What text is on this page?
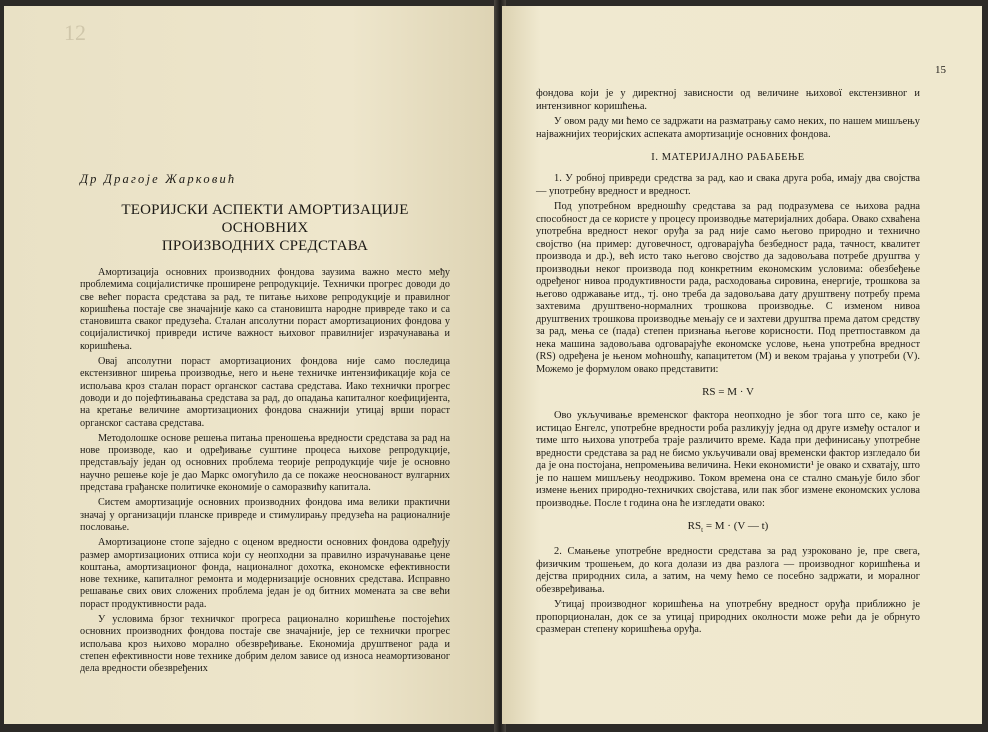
12
Др Драгоје Жарковић
ТЕОРИЈСКИ АСПЕКТИ АМОРТИЗАЦИЈЕ ОСНОВНИХ
ПРОИЗВОДНИХ СРЕДСТАВА

Амортизација основних производних фондова заузима важно место међу проблемима социјалистичке проширене репродукције. Технички прогрес доводи до све већег пораста средстава за рад, те питање њихове репродукције и правилног коришћења постаје све значајније како са становишта народне привреде тако и са становишта сваког предузећа. Сталан апсолутни пораст амортизационих фондова у социјалистичкој привреди истиче важност њиховог правилнијег израчунавања и коришћења.

Овај апсолутни пораст амортизационих фондова није само последица екстензивног ширења производње, него и њене техничке интензификације која се испољава кроз сталан пораст органског састава средстава. Иако технички прогрес доводи и до појефтињавања средстава за рад, до опадања капиталног коефицијента, на кретање величине амортизационих фондова снажнији утицај врши пораст органског састава средстава.

Методолошке основе решења питања преношења вредности средстава за рад на нове производе, као и одређивање суштине процеса њихове репродукције, представљају један од основних проблема теорије репродукције чије је основно научно решење које је дао Маркс омогућило да се покаже неоснованост вулгарних представа грађанске политичке економије о саморазвићу капитала.

Систем амортизације основних производних фондова има велики практични значај у организацији планске привреде и стимулирању предузећа на рационалније пословање.

Амортизационе стопе заједно с оценом вредности основних фондова одређују размер амортизационих отписа који су неопходни за правилно израчунавање цене коштања, амортизационог фонда, националног дохотка, економске ефективности нове технике, капиталног ремонта и модернизације основних средстава. Исправно решавање свих ових сложених проблема један је од битних момената за све већи пораст продуктивности рада.

У условима брзог техничког прогреса рационално коришћење постојећих основних производних фондова постаје све значајније, јер се технички прогрес испољава кроз њихово морално обезвређивање. Економија друштвеног рада и степен ефективности нове технике добрим делом зависе од износа неамортизованог дела вредности обезвређених

15

фондова који је у директној зависности од величине њихової екстензивног и интензивног коришћења.

У овом раду ми ћемо се задржати на разматрању само неких, по нашем мишљењу најважнијих теоријских аспеката амортизације основних фондова.

I. МАТЕРИЈАЛНО РАБАБЕЊЕ

1. У робној привреди средства за рад, као и свака друга роба, имају два својства — употребну вредност и вредност.

Под употребном вредношћу средстава за рад подразумева се њихова радна способност да се користе у процесу производње материјалних добара. Овако схваћена употребна вредност неког оруђа за рад није само његово природно и технично својство (на пример: дуговечност, одговарајућа безбедност рада, тачност, квалитет производа и др.), већ исто тако његово својство да задовољава потребе друштва у производњи неког производа под конкретним економским условима: обезбеђење одређеног нивоа продуктивности рада, расходовања сировина, енергије, трошкова за његово одржавање итд., тј. оно треба да задовољава дату друштвену потребу према захтевима друштвено-нормалних трошкова производње. С изменом нивоа друштвених трошкова производње мењају се и захтеви друштва према датом средству за рад, мења се (пада) степен признања његове корисности. Под претпоставком да нека машина задовољава одговарајуће економске услове, њена употребна вредност (RS) одређена је њеном моћношћу, капацитетом (M) и веком трајања у употреби (V). Можемо је формулом овако представити:

RS = M · V

Ово укључивање временског фактора неопходно је због тога што се, како је истицао Енгелс, употребне вредности роба разликују једна од друге између осталог и тиме што њихова употреба траје различито време. Када при дефинисању употребне вредности средстава за рад не бисмо укључивали овај временски фактор изгледало би да је она постојана, непромењива величина. Неки економисти¹ је овако и схватају, што је по нашем мишљењу неодрживо. Током времена она се стално смањује било због измене њених природно-техничких својстава, или пак због измене економских услова производње. После t година она ће изгледати овако:

$RS_t = M \cdot (V$ — t)

2. Смањење употребне вредности средстава за рад узроковано је, пре свега, физичким трошењем, до кога долази из два разлога — производног коришћења и дејства природних сила, а затим, на чему ћемо се посебно задржати, и моралног обезвређивања.

Утицај производног коришћења на употребну вредност оруђа приближно је пропорционалан, док се за утицај природних околности може рећи да је обрнуто сразмеран степену коришћења оруђа.
